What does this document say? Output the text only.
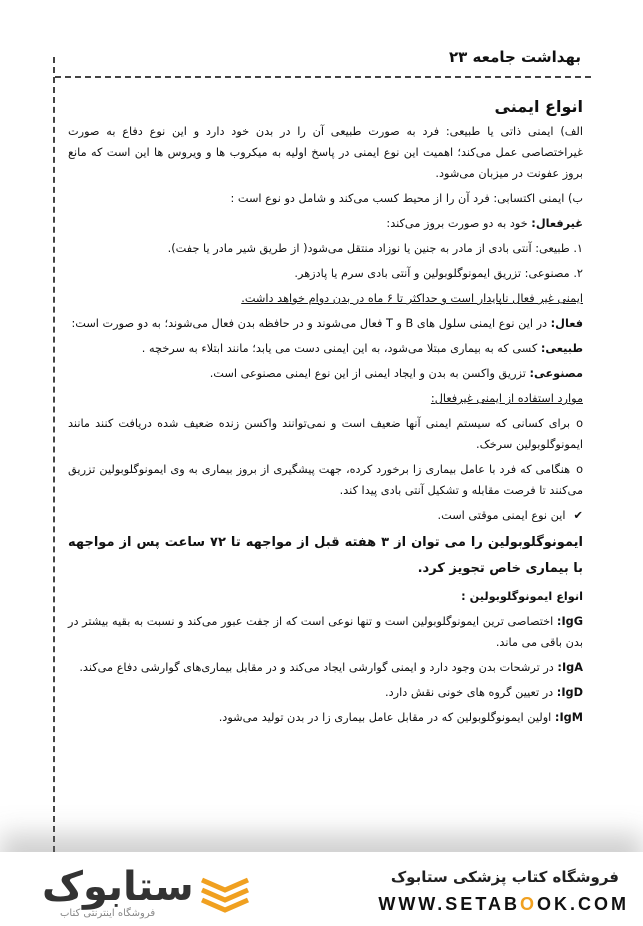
بهداشت جامعه ۲۳

انواع ایمنی

الف) ایمنی ذاتی یا طبیعی: فرد به صورت طبیعی آن را در بدن خود دارد و این نوع دفاع به صورت غیراختصاصی عمل می‌کند؛ اهمیت این نوع ایمنی در پاسخ اولیه به میکروب ها و ویروس ها این است که مانع بروز عفونت در میزبان می‌شود.

ب) ایمنی اکتسابی: فرد آن را از محیط کسب می‌کند و شامل دو نوع است :

غیرفعال: خود به دو صورت بروز می‌کند:

۱. طبیعی: آنتی بادی از مادر به جنین یا نوزاد منتقل می‌شود( از طریق شیر مادر یا جفت).

۲. مصنوعی: تزریق ایمونوگلوبولین و آنتی بادی سرم یا پادزهر.

ایمنی غیر فعال ناپایدار است و حداکثر تا ۶ ماه در بدن دوام خواهد داشت.

فعال: در این نوع ایمنی سلول های B و T فعال می‌شوند و در حافظه بدن فعال می‌شوند؛ به دو صورت است:

طبیعی: کسی که به بیماری مبتلا می‌شود، به این ایمنی دست می یابد؛ مانند ابتلاء به سرخچه .

مصنوعی: تزریق واکسن به بدن و ایجاد ایمنی از این نوع ایمنی مصنوعی است.

موارد استفاده از ایمنی غیرفعال:

o برای کسانی که سیستم ایمنی آنها ضعیف است و نمی‌توانند واکسن زنده ضعیف شده دریافت کنند مانند ایمونوگلوبولین سرخک.

o هنگامی که فرد با عامل بیماری زا برخورد کرده، جهت پیشگیری از بروز بیماری به وی ایمونوگلوبولین تزریق می‌کنند تا فرصت مقابله و تشکیل آنتی بادی پیدا کند.

✔ این نوع ایمنی موقتی است.

ایمونوگلوبولین را می توان از ۳ هفته قبل از مواجهه تا ۷۲ ساعت پس از مواجهه با بیماری خاص تجویز کرد.

انواع ایمونوگلوبولین :

IgG: اختصاصی ترین ایمونوگلوبولین است و تنها نوعی است که از جفت عبور می‌کند و نسبت به بقیه بیشتر در بدن باقی می ماند.

IgA: در ترشحات بدن وجود دارد و ایمنی گوارشی ایجاد می‌کند و در مقابل بیماری‌های گوارشی دفاع می‌کند.

IgD: در تعیین گروه های خونی نقش دارد.

IgM: اولین ایمونوگلوبولین که در مقابل عامل بیماری زا در بدن تولید می‌شود.

ستابوک
فروشگاه اینترنتی کتاب
فروشگاه کتاب پزشکی ستابوک
WWW.SETABOOK.COM
